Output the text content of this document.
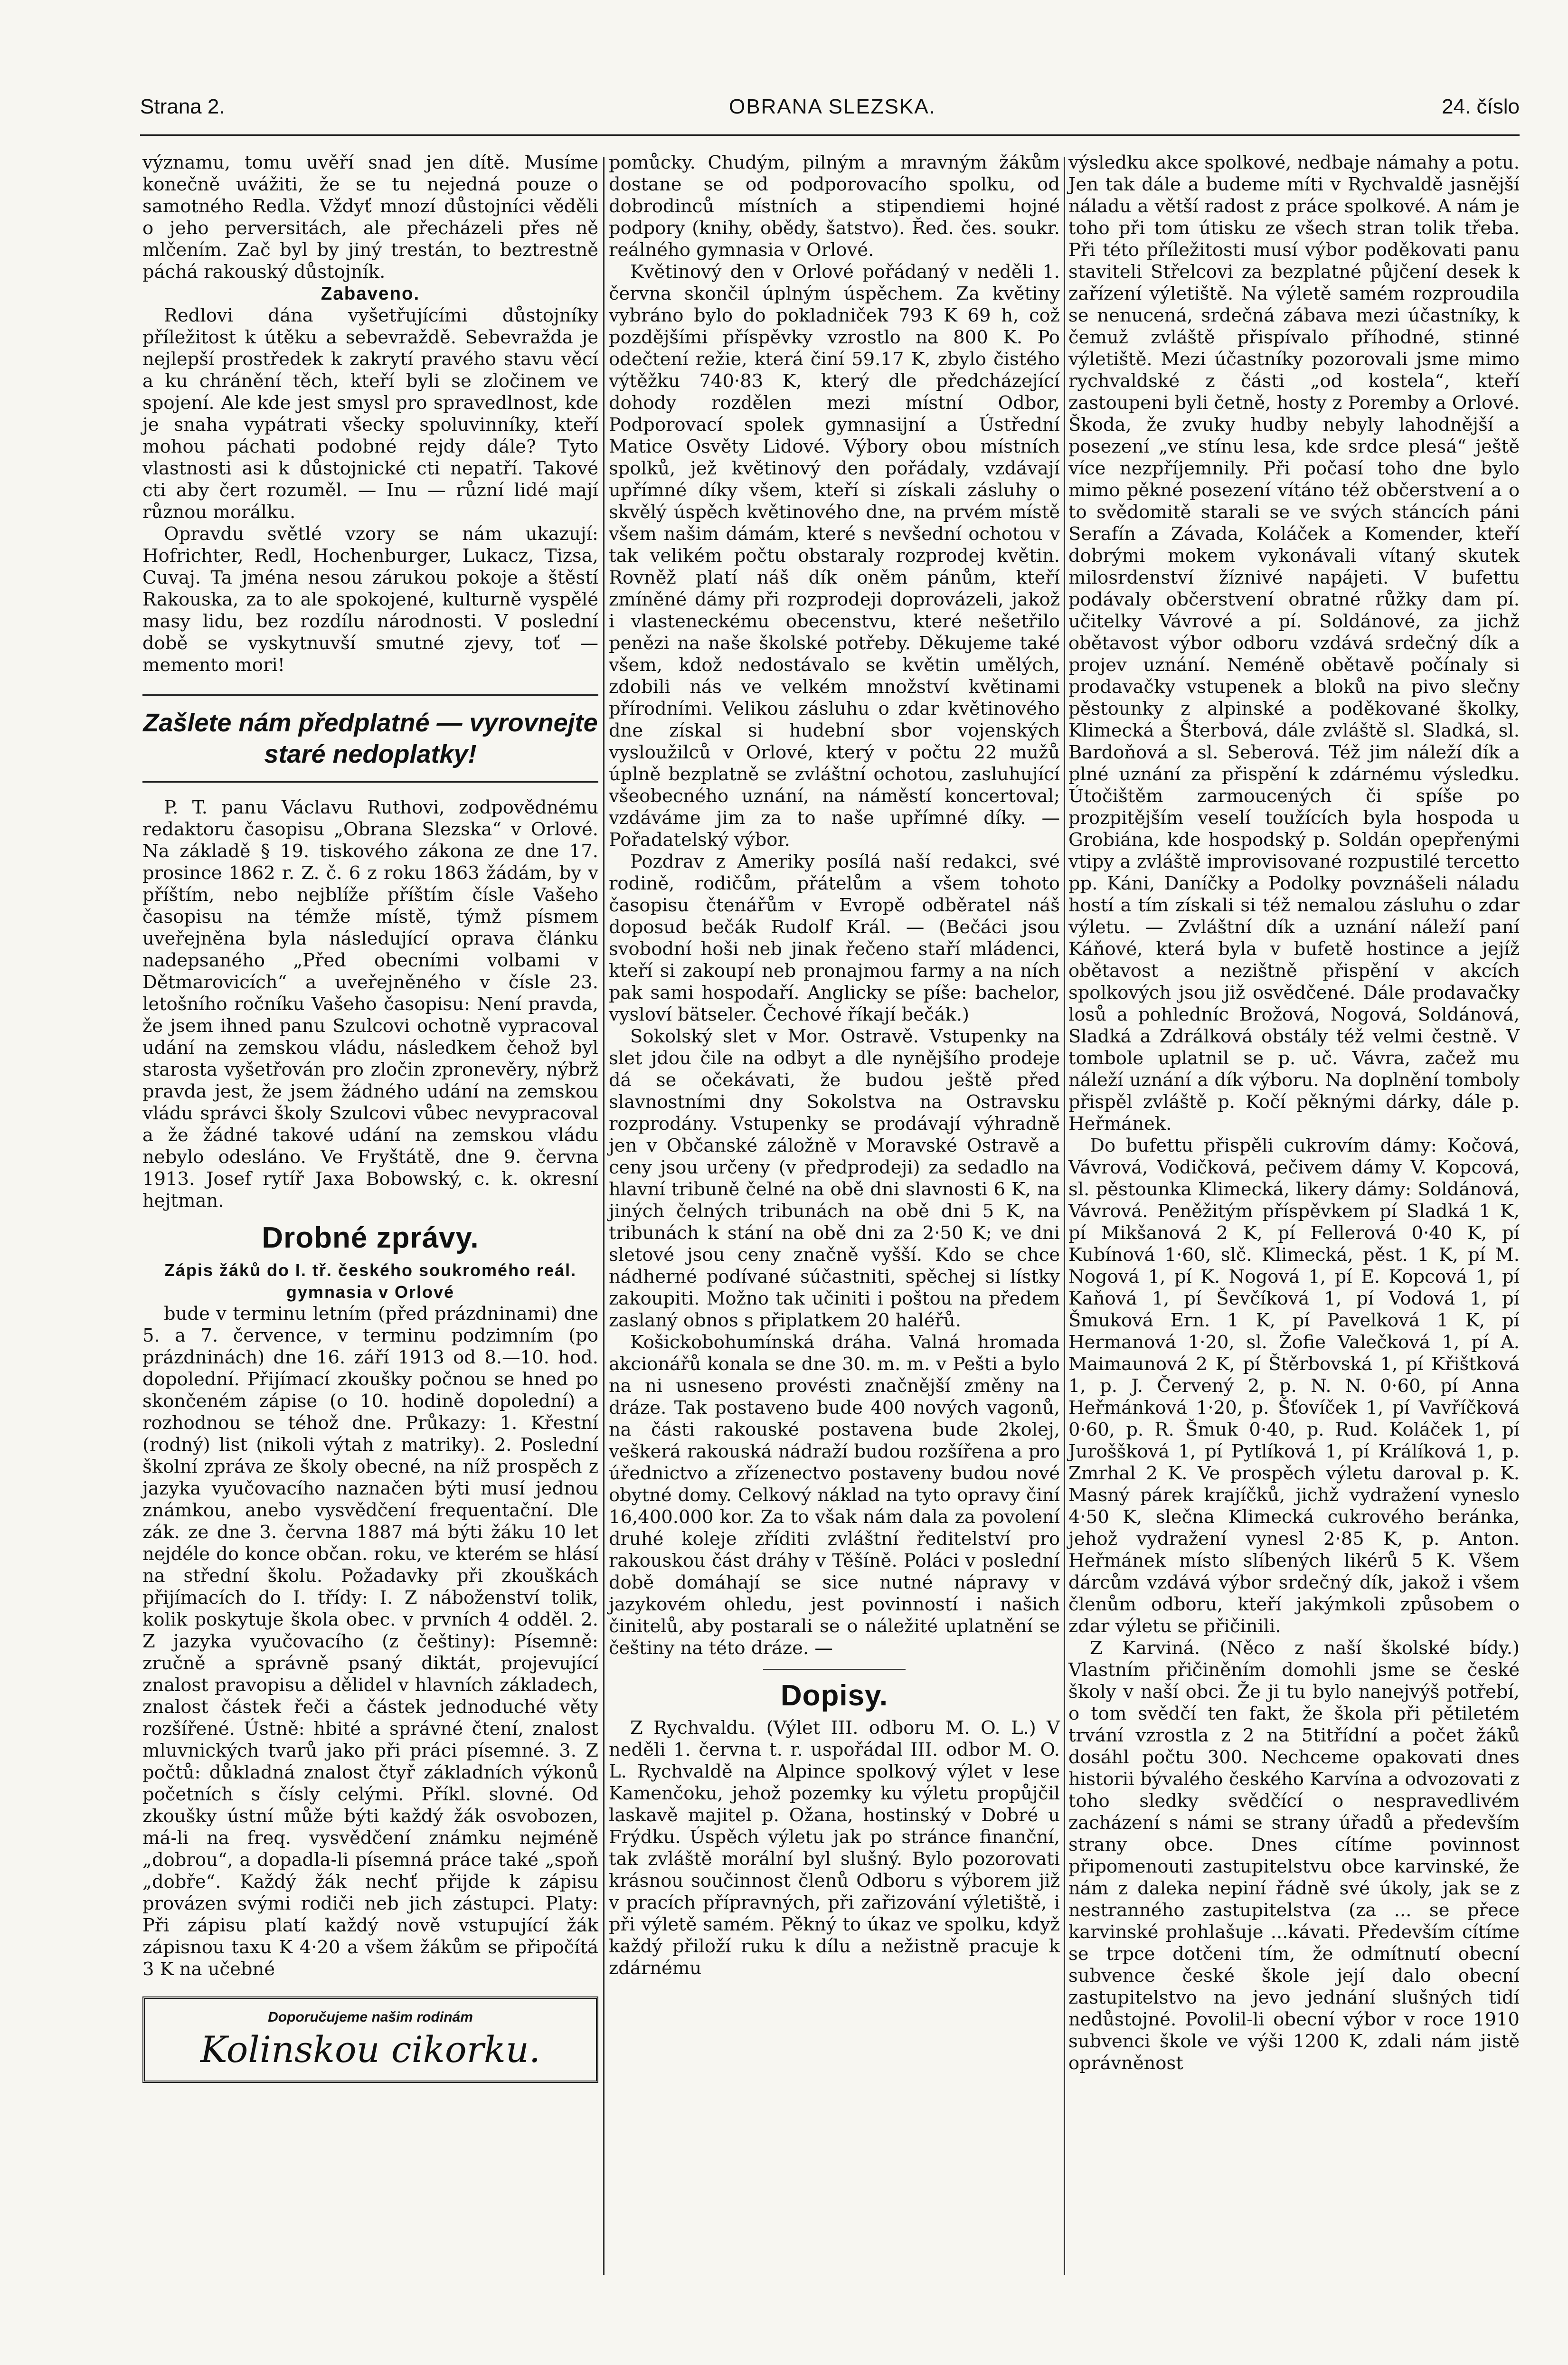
Strana 2.	OBRANA SLEZSKA.	24. číslo

významu, tomu uvěří snad jen dítě. Musíme konečně uvážiti, že se tu nejedná pouze o samotného Redla. Vždyť mnozí důstojníci věděli o jeho perversitách, ale přecházeli přes ně mlčením. Zač byl by jiný trestán, to beztrestně páchá rakouský důstojník.

Zabaveno.

Redlovi dána vyšetřujícími důstojníky příležitost k útěku a sebevraždě. Sebevražda je nejlepší prostředek k zakrytí pravého stavu věcí a ku chránění těch, kteří byli se zločinem ve spojení. Ale kde jest smysl pro spravedlnost, kde je snaha vypátrati všecky spoluvinníky, kteří mohou páchati podobné rejdy dále? Tyto vlastnosti asi k důstojnické cti nepatří. Takové cti aby čert rozuměl. — Inu — různí lidé mají různou morálku.

Opravdu světlé vzory se nám ukazují: Hofrichter, Redl, Hochenburger, Lukacz, Tizsa, Cuvaj. Ta jména nesou zárukou pokoje a štěstí Rakouska, za to ale spokojené, kulturně vyspělé masy lidu, bez rozdílu národnosti. V poslední době se vyskytnuvší smutné zjevy, toť — memento mori!

Zašlete nám předplatné — vyrovnejte staré nedoplatky!

P. T. panu Václavu Ruthovi, zodpovědnému redaktoru časopisu „Obrana Slezska“ v Orlové. Na základě § 19. tiskového zákona ze dne 17. prosince 1862 r. Z. č. 6 z roku 1863 žádám, by v příštím, nebo nejblíže příštím čísle Vašeho časopisu na témže místě, týmž písmem uveřejněna byla následující oprava článku nadepsaného „Před obecními volbami v Dětmarovicích“ a uveřejněného v čísle 23. letošního ročníku Vašeho časopisu: Není pravda, že jsem ihned panu Szulcovi ochotně vypracoval udání na zemskou vládu, následkem čehož byl starosta vyšetřován pro zločin zpronevěry, nýbrž pravda jest, že jsem žádného udání na zemskou vládu správci školy Szulcovi vůbec nevypracoval a že žádné takové udání na zemskou vládu nebylo odesláno. Ve Fryštátě, dne 9. června 1913. Josef rytíř Jaxa Bobowský, c. k. okresní hejtman.

Drobné zprávy.

Zápis žáků do I. tř. českého soukromého reál. gymnasia v Orlové

bude v terminu letním (před prázdninami) dne 5. a 7. července, v terminu podzimním (po prázdninách) dne 16. září 1913 od 8.—10. hod. dopolední. Přijímací zkoušky počnou se hned po skončeném zápise (o 10. hodině dopolední) a rozhodnou se téhož dne. Průkazy: 1. Křestní (rodný) list (nikoli výtah z matriky). 2. Poslední školní zpráva ze školy obecné, na níž prospěch z jazyka vyučovacího naznačen býti musí jednou známkou, anebo vysvědčení frequentační. Dle zák. ze dne 3. června 1887 má býti žáku 10 let nejdéle do konce občan. roku, ve kterém se hlásí na střední školu. Požadavky při zkouškách přijímacích do I. třídy: I. Z náboženství tolik, kolik poskytuje škola obec. v prvních 4 odděl. 2. Z jazyka vyučovacího (z češtiny): Písemně: zručně a správně psaný diktát, projevující znalost pravopisu a dělidel v hlavních základech, znalost částek řeči a částek jednoduché věty rozšířené. Ústně: hbité a správné čtení, znalost mluvnických tvarů jako při práci písemné. 3. Z počtů: důkladná znalost čtyř základních výkonů početních s čísly celými. Příkl. slovné. Od zkoušky ústní může býti každý žák osvobozen, má-li na freq. vysvědčení známku nejméně „dobrou“, a dopadla-li písemná práce také „spoň „dobře“. Každý žák nechť přijde k zápisu provázen svými rodiči neb jich zástupci. Platy: Při zápisu platí každý nově vstupující žák zápisnou taxu K 4·20 a všem žákům se připočítá 3 K na učebné

Doporučujeme našim rodinám
Kolinskou cikorku.

pomůcky. Chudým, pilným a mravným žákům dostane se od podporovacího spolku, od dobrodinců místních a stipendiemi hojné podpory (knihy, obědy, šatstvo). Řed. čes. soukr. reálného gymnasia v Orlové.

Květinový den v Orlové pořádaný v neděli 1. června skončil úplným úspěchem. Za květiny vybráno bylo do pokladniček 793 K 69 h, což pozdějšími příspěvky vzrostlo na 800 K. Po odečtení režie, která činí 59.17 K, zbylo čistého výtěžku 740·83 K, který dle předcházející dohody rozdělen mezi místní Odbor, Podporovací spolek gymnasijní a Ústřední Matice Osvěty Lidové. Výbory obou místních spolků, jež květinový den pořádaly, vzdávají upřímné díky všem, kteří si získali zásluhy o skvělý úspěch květinového dne, na prvém místě všem našim dámám, které s nevšední ochotou v tak velikém počtu obstaraly rozprodej květin. Rovněž platí náš dík oněm pánům, kteří zmíněné dámy při rozprodeji doprovázeli, jakož i vlasteneckému obecenstvu, které nešetřilo penězi na naše školské potřeby. Děkujeme také všem, kdož nedostávalo se květin umělých, zdobili nás ve velkém množství květinami přírodními. Velikou zásluhu o zdar květinového dne získal si hudební sbor vojenských vysloužilců v Orlové, který v počtu 22 mužů úplně bezplatně se zvláštní ochotou, zasluhující všeobecného uznání, na náměstí koncertoval; vzdáváme jim za to naše upřímné díky. — Pořadatelský výbor.

Pozdrav z Ameriky posílá naší redakci, své rodině, rodičům, přátelům a všem tohoto časopisu čtenářům v Evropě odběratel náš doposud bečák Rudolf Král. — (Bečáci jsou svobodní hoši neb jinak řečeno staří mládenci, kteří si zakoupí neb pronajmou farmy a na ních pak sami hospodaří. Anglicky se píše: bachelor, vysloví bätseler. Čechové říkají bečák.)

Sokolský slet v Mor. Ostravě. Vstupenky na slet jdou čile na odbyt a dle nynějšího prodeje dá se očekávati, že budou ještě před slavnostními dny Sokolstva na Ostravsku rozprodány. Vstupenky se prodávají výhradně jen v Občanské záložně v Moravské Ostravě a ceny jsou určeny (v předprodeji) za sedadlo na hlavní tribuně čelné na obě dni slavnosti 6 K, na jiných čelných tribunách na obě dni 5 K, na tribunách k stání na obě dni za 2·50 K; ve dni sletové jsou ceny značně vyšší. Kdo se chce nádherné podívané súčastniti, spěchej si lístky zakoupiti. Možno tak učiniti i poštou na předem zaslaný obnos s připlatkem 20 haléřů.

Košickobohumínská dráha. Valná hromada akcionářů konala se dne 30. m. m. v Pešti a bylo na ni usneseno provésti značnější změny na dráze. Tak postaveno bude 400 nových vagonů, na části rakouské postavena bude 2kolej, veškerá rakouská nádraží budou rozšířena a pro úřednictvo a zřízenectvo postaveny budou nové obytné domy. Celkový náklad na tyto opravy činí 16,400.000 kor. Za to však nám dala za povolení druhé koleje zříditi zvláštní ředitelství pro rakouskou část dráhy v Těšíně. Poláci v poslední době domáhají se sice nutné nápravy v jazykovém ohledu, jest povinností i našich činitelů, aby postarali se o náležité uplatnění se češtiny na této dráze. —

Dopisy.

Z Rychvaldu. (Výlet III. odboru M. O. L.) V neděli 1. června t. r. uspořádal III. odbor M. O. L. Rychvaldě na Alpince spolkový výlet v lese Kamenčoku, jehož pozemky ku výletu propůjčil laskavě majitel p. Ožana, hostinský v Dobré u Frýdku. Úspěch výletu jak po stránce finanční, tak zvláště morální byl slušný. Bylo pozorovati krásnou součinnost členů Odboru s výborem již v pracích přípravných, při zařizování výletiště, i při výletě samém. Pěkný to úkaz ve spolku, když každý přiloží ruku k dílu a nežistně pracuje k zdárnému

výsledku akce spolkové, nedbaje námahy a potu. Jen tak dále a budeme míti v Rychvaldě jasnější náladu a větší radost z práce spolkové. A nám je toho při tom útisku ze všech stran tolik třeba. Při této příležitosti musí výbor poděkovati panu staviteli Střelcovi za bezplatné půjčení desek k zařízení výletiště. Na výletě samém rozproudila se nenucená, srdečná zábava mezi účastníky, k čemuž zvláště přispívalo příhodné, stinné výletiště. Mezi účastníky pozorovali jsme mimo rychvaldské z části „od kostela“, kteří zastoupeni byli četně, hosty z Poremby a Orlové. Škoda, že zvuky hudby nebyly lahodnější a posezení „ve stínu lesa, kde srdce plesá“ ještě více nezpříjemnily. Při počasí toho dne bylo mimo pěkné posezení vítáno též občerstvení a o to svědomitě starali se ve svých stáncích páni Serafín a Závada, Koláček a Komender, kteří dobrými mokem vykonávali vítaný skutek milosrdenství žíznivé napájeti. V bufettu podávaly občerstvení obratné růžky dam pí. učitelky Vávrové a pí. Soldánové, za jichž obětavost výbor odboru vzdává srdečný dík a projev uznání. Neméně obětavě počínaly si prodavačky vstupenek a bloků na pivo slečny pěstounky z alpinské a poděkované školky, Klimecká a Šterbová, dále zvláště sl. Sladká, sl. Bardoňová a sl. Seberová. Též jim náleží dík a plné uznání za přispění k zdárnému výsledku. Útočištěm zarmoucených či spíše po prozpitějším veselí toužících byla hospoda u Grobiána, kde hospodský p. Soldán opepřenými vtipy a zvláště improvisované rozpustilé tercetto pp. Káni, Daníčky a Podolky povznášeli náladu hostí a tím získali si též nemalou zásluhu o zdar výletu. — Zvláštní dík a uznání náleží paní Káňové, která byla v bufetě hostince a jejíž obětavost a nezištně přispění v akcích spolkových jsou již osvědčené. Dále prodavačky losů a pohledníc Brožová, Nogová, Soldánová, Sladká a Zdrálková obstály též velmi čestně. V tombole uplatnil se p. uč. Vávra, začež mu náleží uznání a dík výboru. Na doplnění tomboly přispěl zvláště p. Kočí pěknými dárky, dále p. Heřmánek.

Do bufettu přispěli cukrovím dámy: Kočová, Vávrová, Vodičková, pečivem dámy V. Kopcová, sl. pěstounka Klimecká, likery dámy: Soldánová, Vávrová. Peněžitým příspěvkem pí Sladká 1 K, pí Mikšanová 2 K, pí Fellerová 0·40 K, pí Kubínová 1·60, slč. Klimecká, pěst. 1 K, pí M. Nogová 1, pí K. Nogová 1, pí E. Kopcová 1, pí Kaňová 1, pí Ševčíková 1, pí Vodová 1, pí Šmuková Ern. 1 K, pí Pavelková 1 K, pí Hermanová 1·20, sl. Žofie Valečková 1, pí A. Maimaunová 2 K, pí Štěrbovská 1, pí Křištková 1, p. J. Červený 2, p. N. N. 0·60, pí Anna Heřmánková 1·20, p. Šťovíček 1, pí Vavříčková 0·60, p. R. Šmuk 0·40, p. Rud. Koláček 1, pí Juroššková 1, pí Pytlíková 1, pí Králíková 1, p. Zmrhal 2 K. Ve prospěch výletu daroval p. K. Masný párek krajíčků, jichž vydražení vyneslo 4·50 K, slečna Klimecká cukrového beránka, jehož vydražení vynesl 2·85 K, p. Anton. Heřmánek místo slíbených likérů 5 K. Všem dárcům vzdává výbor srdečný dík, jakož i všem členům odboru, kteří jakýmkoli způsobem o zdar výletu se přičinili.

Z Karviná. (Něco z naší školské bídy.) Vlastním přičiněním domohli jsme se české školy v naší obci. Že ji tu bylo nanejvýš potřebí, o tom svědčí ten fakt, že škola při pětiletém trvání vzrostla z 2 na 5titřídní a počet žáků dosáhl počtu 300. Nechceme opakovati dnes historii bývalého českého Karvína a odvozovati z toho sledky svědčící o nespravedlivém zacházení s námi se strany úřadů a především strany obce. Dnes cítíme povinnost připomenouti zastupitelstvu obce karvinské, že nám z daleka nepiní řádně své úkoly, jak se z nestranného zastupitelstva (za ... se přece karvinské prohlašuje ...kávati. Především cítíme se trpce dotčeni tím, že odmítnutí obecní subvence české škole její dalo obecní zastupitelstvo na jevo jednání slušných tidí nedůstojné. Povolil-li obecní výbor v roce 1910 subvenci škole ve výši 1200 K, zdali nám jistě oprávněnost
